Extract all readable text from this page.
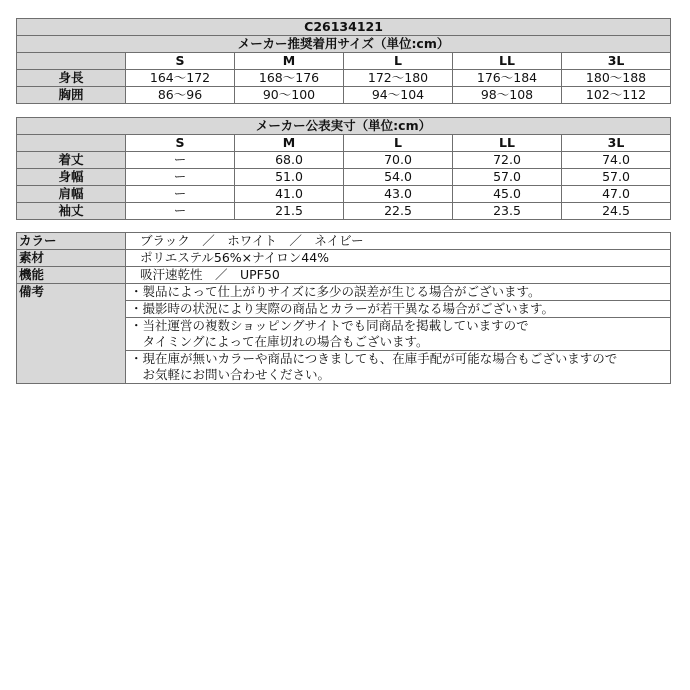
C26134121					
メーカー推奨着用サイズ（単位:cm）					
	S	M	L	LL	3L
身長	164～172	168～176	172～180	176～184	180～188
胸囲	86～96	90～100	94～104	98～108	102～112
メーカー公表実寸（単位:cm）					
	S	M	L	LL	3L
着丈	ー	68.0	70.0	72.0	74.0
身幅	ー	51.0	54.0	57.0	57.0
肩幅	ー	41.0	43.0	45.0	47.0
袖丈	ー	21.5	22.5	23.5	24.5
カラー	ブラック　／　ホワイト　／　ネイビー
素材	ポリエステル56%×ナイロン44%
機能	吸汗速乾性　／　UPF50
備考	・製品によって仕上がりサイズに多少の誤差が生じる場合がございます。

	・撮影時の状況により実際の商品とカラーが若干異なる場合がございます。

	・当社運営の複数ショッピングサイトでも同商品を掲載していますので
　タイミングによって在庫切れの場合もございます。

	・現在庫が無いカラーや商品につきましても、在庫手配が可能な場合もございますので
　お気軽にお問い合わせください。
